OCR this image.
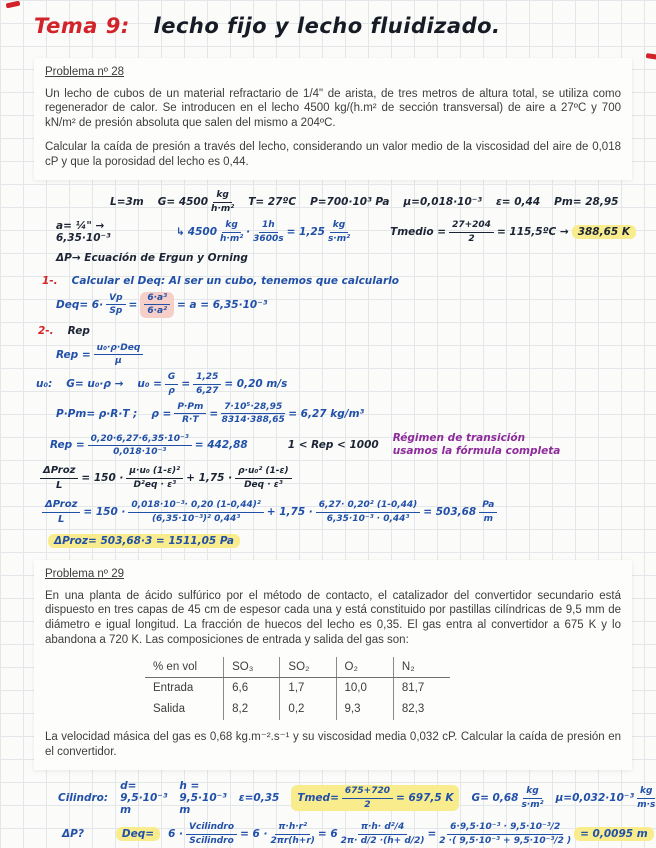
Tema 9: lecho fijo y lecho fluidizado.
Problema nº 28

Un lecho de cubos de un material refractario de 1/4" de arista, de tres metros de altura total, se utiliza como regenerador de calor. Se introducen en el lecho 4500 kg/(h.m² de sección transversal) de aire a 27ºC y 700 kN/m² de presión absoluta que salen del mismo a 204ºC.

Calcular la caída de presión a través del lecho, considerando un valor medio de la viscosidad del aire de 0,018 cP y que la porosidad del lecho es 0,44.

L=3m $G= 4500 \frac{kg}{\text{h·m²}} T=$ 27ºC P=700·10³ Pa μ=0,018·10⁻³ ε= 0,44 Pm= 28,95
a= ¼" → 6,35·10⁻³	↳ $4500 \frac{kg}{\text{h·m²}} \cdot \frac{1h}{3600s} = 1,25 \frac{kg}{\text{s·m²}}$	Tmedio = $\frac{27+204}{2}$ = 115,5ºC → 388,65 K
ΔP→ Ecuación de Ergun y Orning
1-. Calcular el Deq: Al ser un cubo, tenemos que calcularlo
$Deq= 6\cdot \frac{Vp}{Sp} = \frac{\text{6·a³}}{\text{6·a²}} = a = 6,35\cdot 10^{-3}$
2-. Rep
Rep = $\frac{\text{u₀·ρ·Deq}}{\mu}$
u₀: $G= u_0\cdot\rho \to u_0 = \frac{G}{\rho} = \frac{1,25}{6,27} = 0,20$ m/s
P·Pm= ρ·R·T ; $\rho = \frac{P\cdot Pm}{R\cdot T} = \frac{\text{7·10⁵·28,95}}{8314\cdot 388,65} = 6,27$ kg/m³
Rep = $\frac{\text{0,20·6,27·6,35·10⁻³}}{\text{0,018·10⁻³}} = 442,88$	1 < Rep < 1000
Régimen de transición
usamos la fórmula completa
$\frac{\text{ΔProz}}{L} = 150 \cdot \frac{\text{μ·u₀ (1-ε)²}}{\text{D²eq · ε³}} + 1,75 \cdot \frac{\text{ρ·u₀² (1-ε)}}{\text{Deq · ε³}}$
$\frac{\text{ΔProz}}{L} = 150 \cdot \frac{\text{0,018·10⁻³· 0,20 (1-0,44)²}}{\text{(6,35·10⁻³)² 0,44³}} + 1,75 \cdot \frac{\text{6,27· 0,20² (1-0,44)}}{\text{6,35·10⁻³ · 0,44³}} = 503,68 \frac{Pa}{m}$
ΔProz= 503,68·3 = 1511,05 Pa
Problema nº 29

En una planta de ácido sulfúrico por el método de contacto, el catalizador del convertidor secundario está dispuesto en tres capas de 45 cm de espesor cada una y está constituido por pastillas cilíndricas de 9,5 mm de diámetro e igual longitud. La fracción de huecos del lecho es 0,35. El gas entra al convertidor a 675 K y lo abandona a 720 K. Las composiciones de entrada y salida del gas son:

% en vol	SO₃	SO₂	O₂	N₂
Entrada	6,6	1,7	10,0	81,7
Salida	8,2	0,2	9,3	82,3

La velocidad másica del gas es 0,68 kg.m⁻².s⁻¹ y su viscosidad media 0,032 cP. Calcular la caída de presión en el convertidor.

Cilindro:
d= 9,5·10⁻³ m
h = 9,5·10⁻³ m
ε=0,35 Tmed= $\frac{675+720}{2} = 697,5$ K $G= 0,68 \frac{kg}{\text{s·m²}} \mu=0,032\cdot 10^{-3} \frac{kg}{m\cdot s}$
ΔP?	Deq=	$6 \cdot \frac{\text{Vcilindro}}{\text{Scilindro}} = 6 \cdot \frac{\text{π·h·r²}}{2\pi r(h+r)} = 6 \frac{\text{π·h· d²/4}}{2\pi\cdot d/2 \cdot(h+ d/2)} = \frac{\text{6·9,5·10⁻³ · 9,5·10⁻³/2}}{\text{2 ·( 9,5·10⁻³ + 9,5·10⁻³/2 )}} = 0,0095$ m
